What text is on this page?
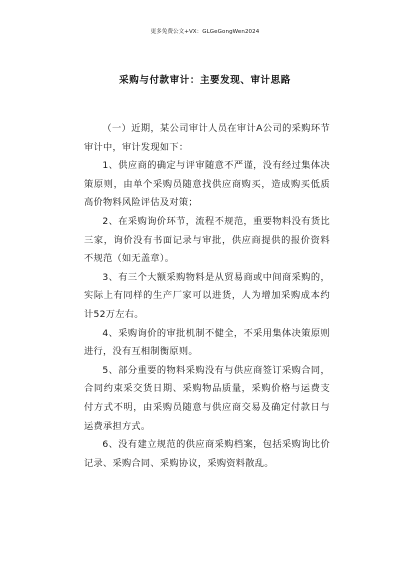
更多免费公文+VX：GLGeGongWen2024
采购与付款审计：主要发现、审计思路

（一）近期，某公司审计人员在审计A公司的采购环节审计中，审计发现如下：

1、供应商的确定与评审随意不严谨，没有经过集体决策原则，由单个采购员随意找供应商购买，造成购买低质高价物料风险评估及对策；

2、在采购询价环节，流程不规范，重要物料没有货比三家，询价没有书面记录与审批，供应商提供的报价资料不规范（如无盖章）。

3、有三个大额采购物料是从贸易商或中间商采购的，实际上有同样的生产厂家可以进货，人为增加采购成本约计52万左右。

4、采购询价的审批机制不健全，不采用集体决策原则进行，没有互相制衡原则。

5、部分重要的物料采购没有与供应商签订采购合同，合同约束采交货日期、采购物品质量，采购价格与运费支付方式不明，由采购员随意与供应商交易及确定付款日与运费承担方式。

6、没有建立规范的供应商采购档案，包括采购询比价记录、采购合同、采购协议，采购资料散乱。
